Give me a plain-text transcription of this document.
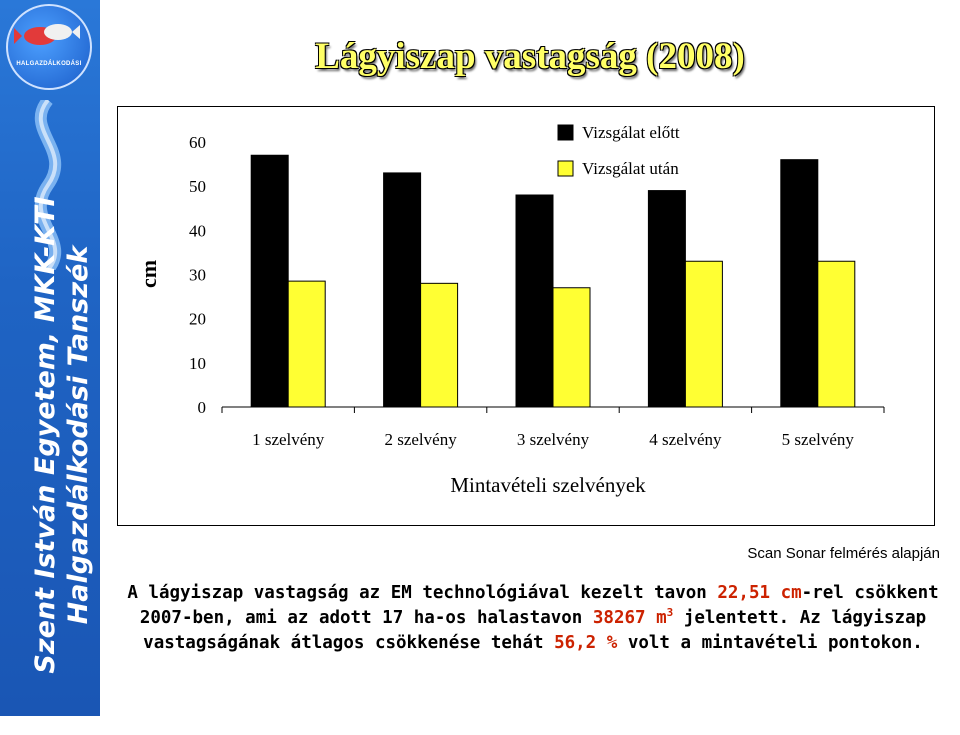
HALGAZDÁLKODÁSI
Szent István Egyetem, MKK-KTI Halgazdálkodási Tanszék
Lágyiszap vastagság (2008)
0
10
20
30
40
50
60
cm
1 szelvény	2 szelvény	3 szelvény	4 szelvény	5 szelvény
Mintavételi szelvények
Vizsgálat előtt
Vizsgálat után
Scan Sonar felmérés alapján
A lágyiszap vastagság az EM technológiával kezelt tavon 22,51 cm-rel csökkent 2007-ben, ami az adott 17 ha-os halastavon 38267 $m^3$ jelentett. Az lágyiszap vastagságának átlagos csökkenése tehát 56,2 % volt a mintavételi pontokon.
